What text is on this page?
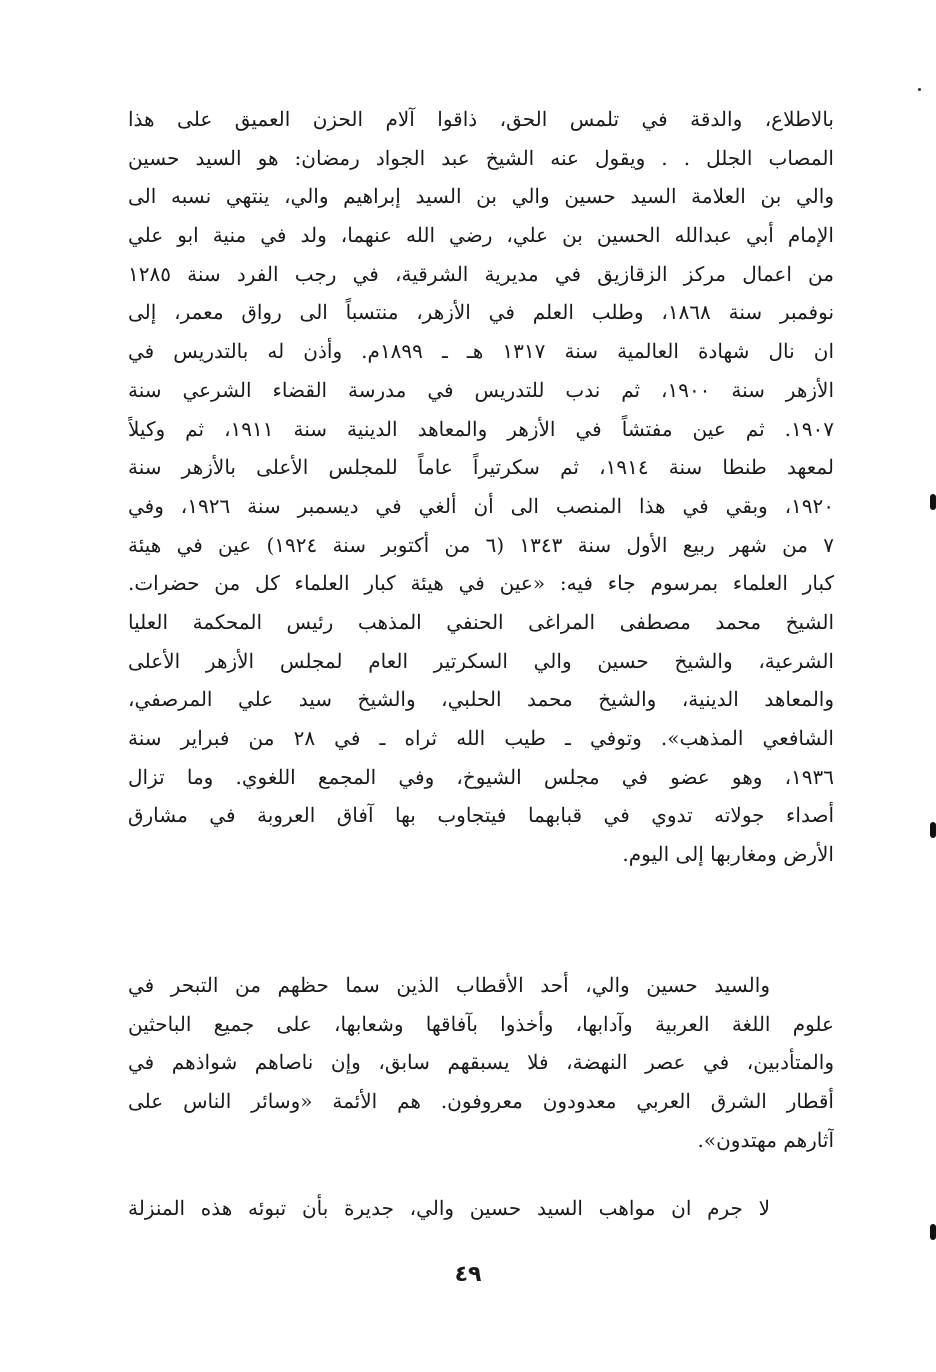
بالاطلاع، والدقة في تلمس الحق، ذاقوا آلام الحزن العميق على هذا
المصاب الجلل . . ويقول عنه الشيخ عبد الجواد رمضان: هو السيد حسين
والي بن العلامة السيد حسين والي بن السيد إبراهيم والي، ينتهي نسبه الى
الإمام أبي عبدالله الحسين بن علي، رضي الله عنهما، ولد في منية ابو علي
من اعمال مركز الزقازيق في مديرية الشرقية، في رجب الفرد سنة ١٢٨٥
نوفمبر سنة ١٨٦٨، وطلب العلم في الأزهر، منتسباً الى رواق معمر، إلى
ان نال شهادة العالمية سنة ١٣١٧ هـ ـ ١٨٩٩م. وأذن له بالتدريس في
الأزهر سنة ١٩٠٠، ثم ندب للتدريس في مدرسة القضاء الشرعي سنة
١٩٠٧. ثم عين مفتشاً في الأزهر والمعاهد الدينية سنة ١٩١١، ثم وكيلاً
لمعهد طنطا سنة ١٩١٤، ثم سكرتيراً عاماً للمجلس الأعلى بالأزهر سنة
١٩٢٠، وبقي في هذا المنصب الى أن ألغي في ديسمبر سنة ١٩٢٦، وفي
٧ من شهر ربيع الأول سنة ١٣٤٣ (٦ من أكتوبر سنة ١٩٢٤) عين في هيئة
كبار العلماء بمرسوم جاء فيه: «عين في هيئة كبار العلماء كل من حضرات.
الشيخ محمد مصطفى المراغى الحنفي المذهب رئيس المحكمة العليا
الشرعية، والشيخ حسين والي السكرتير العام لمجلس الأزهر الأعلى
والمعاهد الدينية، والشيخ محمد الحلبي، والشيخ سيد علي المرصفي،
الشافعي المذهب». وتوفي ـ طيب الله ثراه ـ في ٢٨ من فبراير سنة
١٩٣٦، وهو عضو في مجلس الشيوخ، وفي المجمع اللغوي. وما تزال
أصداء جولاته تدوي في قبابهما فيتجاوب بها آفاق العروبة في مشارق
الأرض ومغاربها إلى اليوم.
والسيد حسين والي، أحد الأقطاب الذين سما حظهم من التبحر في
علوم اللغة العربية وآدابها، وأخذوا بآفاقها وشعابها، على جميع الباحثين
والمتأدبين، في عصر النهضة، فلا يسبقهم سابق، وإن ناصاهم شواذهم في
أقطار الشرق العربي معدودون معروفون. هم الأئمة «وسائر الناس على
آثارهم مهتدون».
لا جرم ان مواهب السيد حسين والي، جديرة بأن تبوئه هذه المنزلة
٤٩
